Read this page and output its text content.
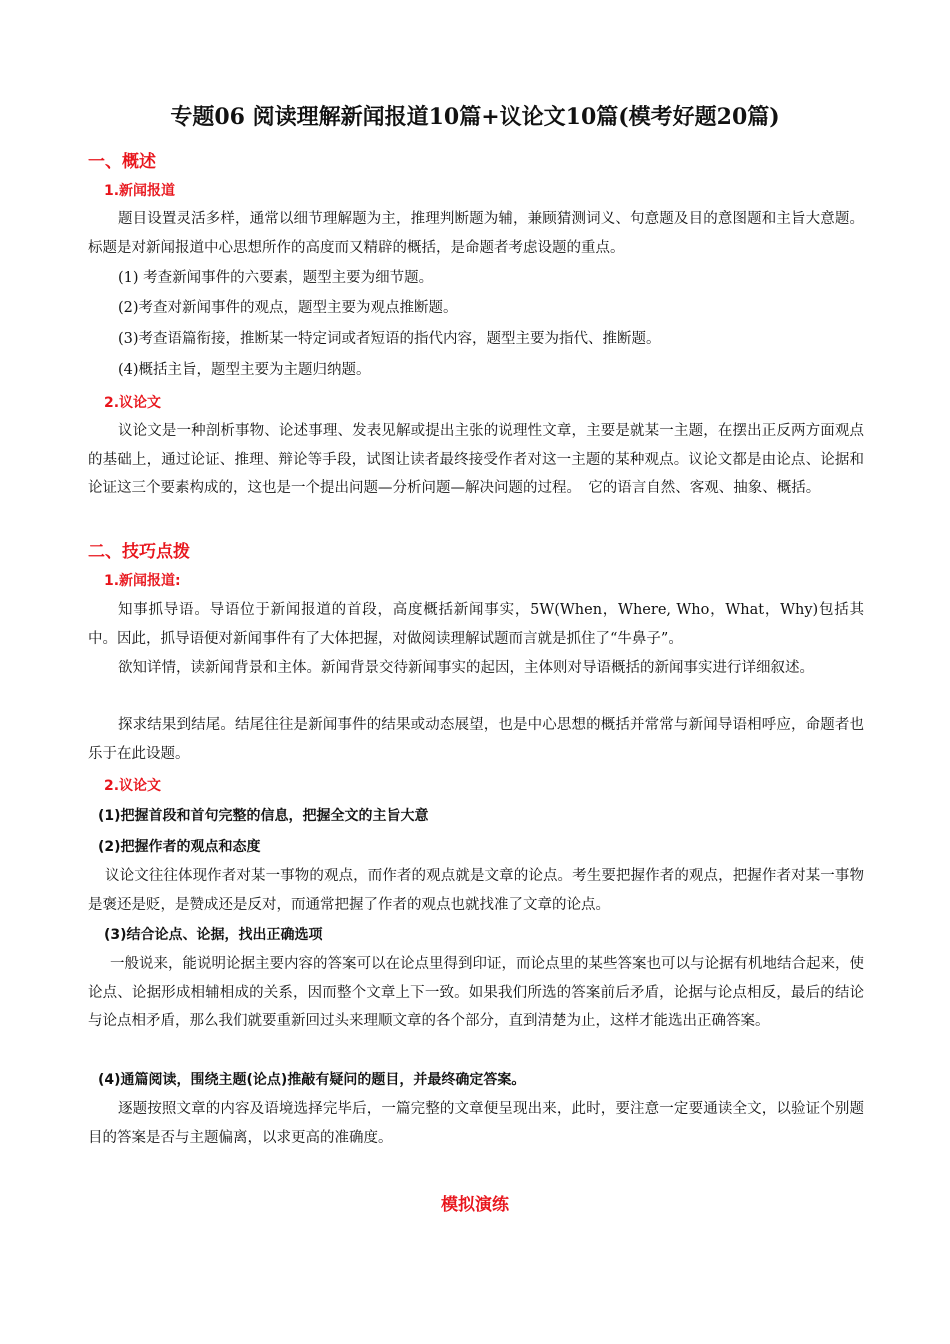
专题06 阅读理解新闻报道10篇+议论文10篇(模考好题20篇)
一、概述
1.新闻报道
题目设置灵活多样，通常以细节理解题为主，推理判断题为辅，兼顾猜测词义、句意题及目的意图题和主旨大意题。标题是对新闻报道中心思想所作的高度而又精辟的概括，是命题者考虑设题的重点。
(1) 考查新闻事件的六要素，题型主要为细节题。
(2)考查对新闻事件的观点，题型主要为观点推断题。
(3)考查语篇衔接，推断某一特定词或者短语的指代内容，题型主要为指代、推断题。
(4)概括主旨，题型主要为主题归纳题。
2.议论文
议论文是一种剖析事物、论述事理、发表见解或提出主张的说理性文章，主要是就某一主题，在摆出正反两方面观点的基础上，通过论证、推理、辩论等手段，试图让读者最终接受作者对这一主题的某种观点。议论文都是由论点、论据和论证这三个要素构成的，这也是一个提出问题—分析问题—解决问题的过程。　它的语言自然、客观、抽象、概括。
二、技巧点拨
1.新闻报道:
知事抓导语。导语位于新闻报道的首段，高度概括新闻事实，5W(When，Where, Who，What，Why)包括其中。因此，抓导语便对新闻事件有了大体把握，对做阅读理解试题而言就是抓住了“牛鼻子”。
欲知详情，读新闻背景和主体。新闻背景交待新闻事实的起因，主体则对导语概括的新闻事实进行详细叙述。
探求结果到结尾。结尾往往是新闻事件的结果或动态展望，也是中心思想的概括并常常与新闻导语相呼应，命题者也乐于在此设题。
2.议论文
(1)把握首段和首句完整的信息，把握全文的主旨大意
(2)把握作者的观点和态度
议论文往往体现作者对某一事物的观点，而作者的观点就是文章的论点。考生要把握作者的观点，把握作者对某一事物是褒还是贬，是赞成还是反对，而通常把握了作者的观点也就找准了文章的论点。
(3)结合论点、论据，找出正确选项
一般说来，能说明论据主要内容的答案可以在论点里得到印证，而论点里的某些答案也可以与论据有机地结合起来，使论点、论据形成相辅相成的关系，因而整个文章上下一致。如果我们所选的答案前后矛盾，论据与论点相反，最后的结论与论点相矛盾，那么我们就要重新回过头来理顺文章的各个部分，直到清楚为止，这样才能选出正确答案。
(4)通篇阅读，围绕主题(论点)推敲有疑问的题目，并最终确定答案。
逐题按照文章的内容及语境选择完毕后，一篇完整的文章便呈现出来，此时，要注意一定要通读全文，以验证个别题目的答案是否与主题偏离，以求更高的准确度。
模拟演练
